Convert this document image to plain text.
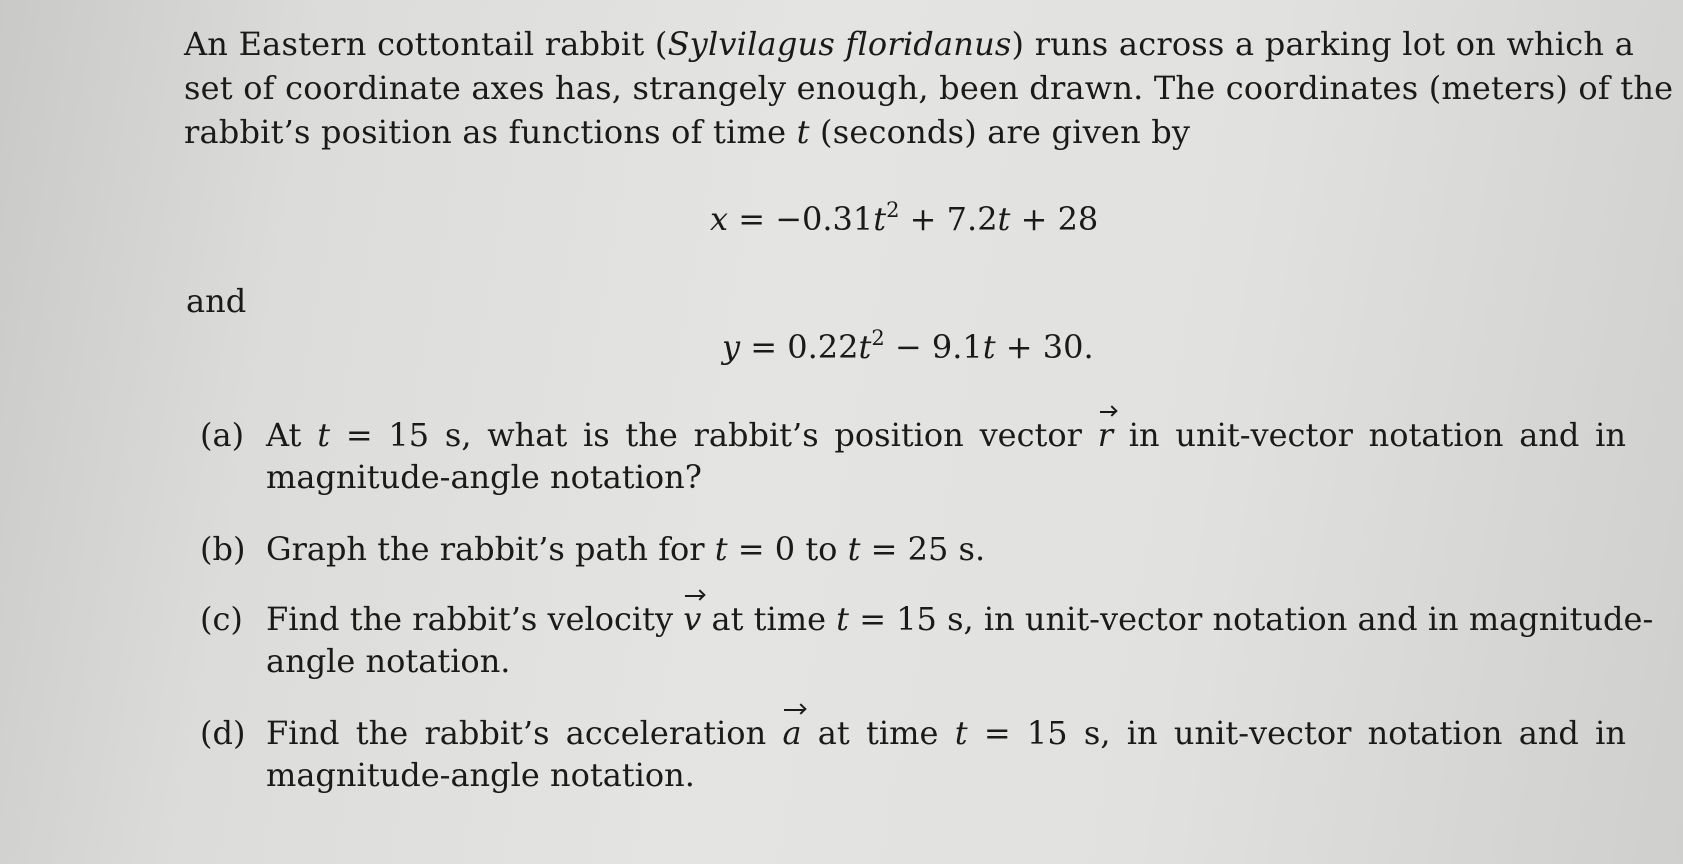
An Eastern cottontail rabbit (Sylvilagus floridanus) runs across a parking lot on which a
set of coordinate axes has, strangely enough, been drawn. The coordinates (meters) of the
rabbit’s position as functions of time t (seconds) are given by
$x = -0.31t^2 + 7.2t + 28$
and
$y = 0.22t^2 - 9.1t + 30$.
(a) At t = 15 s, what is the rabbit’s position vector r in unit-vector notation and in
magnitude-angle notation?
(b) Graph the rabbit’s path for t = 0 to t = 25 s.
(c) Find the rabbit’s velocity v at time t = 15 s, in unit-vector notation and in magnitude-
angle notation.
(d) Find the rabbit’s acceleration a at time t = 15 s, in unit-vector notation and in
magnitude-angle notation.
